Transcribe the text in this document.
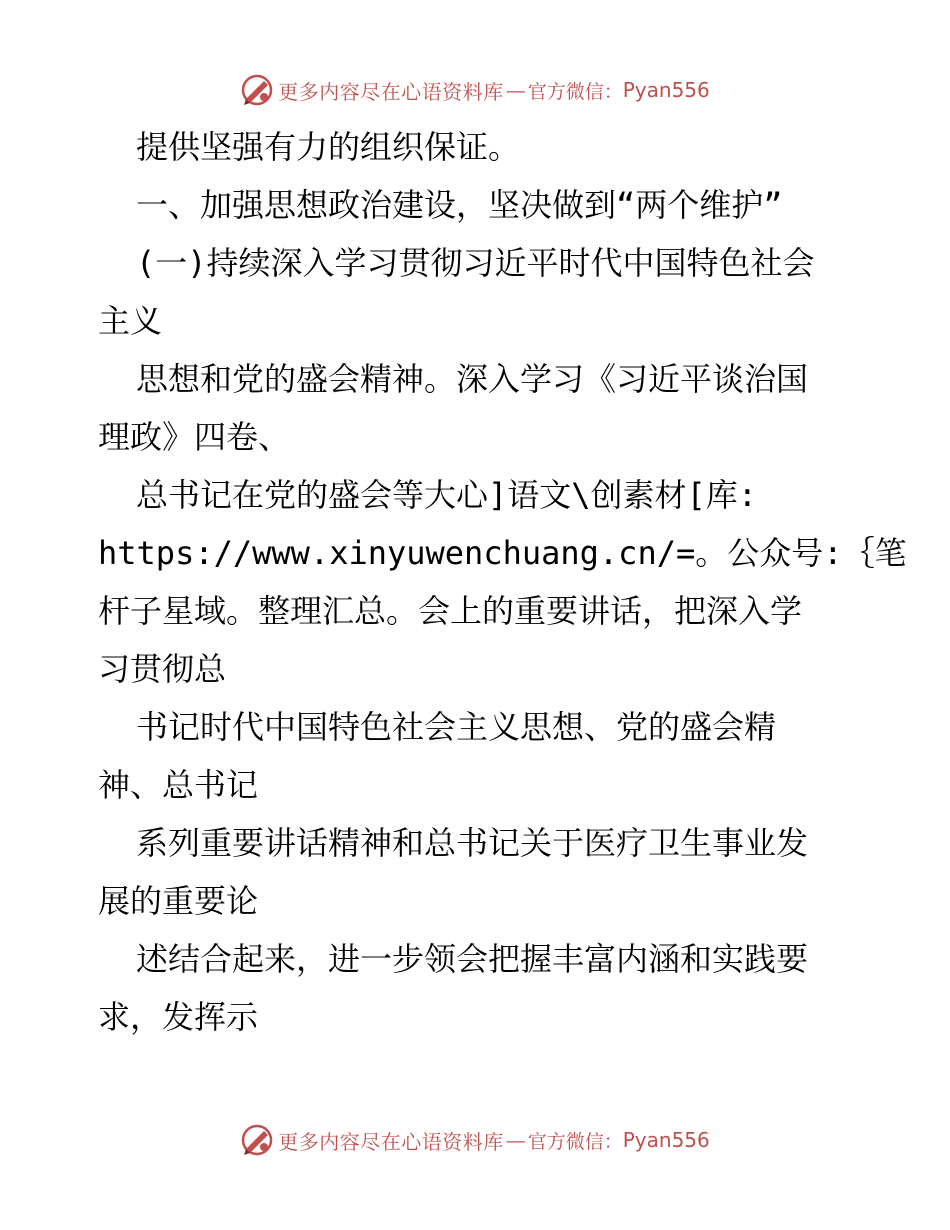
更多内容尽在心语资料库 — 官方微信： Pyan556
提供坚强有力的组织保证。
一、加强思想政治建设，坚决做到“两个维护”
(一)持续深入学习贯彻习近平时代中国特色社会
主义
思想和党的盛会精神。深入学习《习近平谈治国
理政》四卷、
总书记在党的盛会等大心]语文\创素材[库:
https://www.xinyuwenchuang.cn/=。公众号:｛笔
杆子星域。整理汇总。会上的重要讲话，把深入学
习贯彻总
书记时代中国特色社会主义思想、党的盛会精
神、总书记
系列重要讲话精神和总书记关于医疗卫生事业发
展的重要论
述结合起来，进一步领会把握丰富内涵和实践要
求，发挥示
更多内容尽在心语资料库 — 官方微信： Pyan556
